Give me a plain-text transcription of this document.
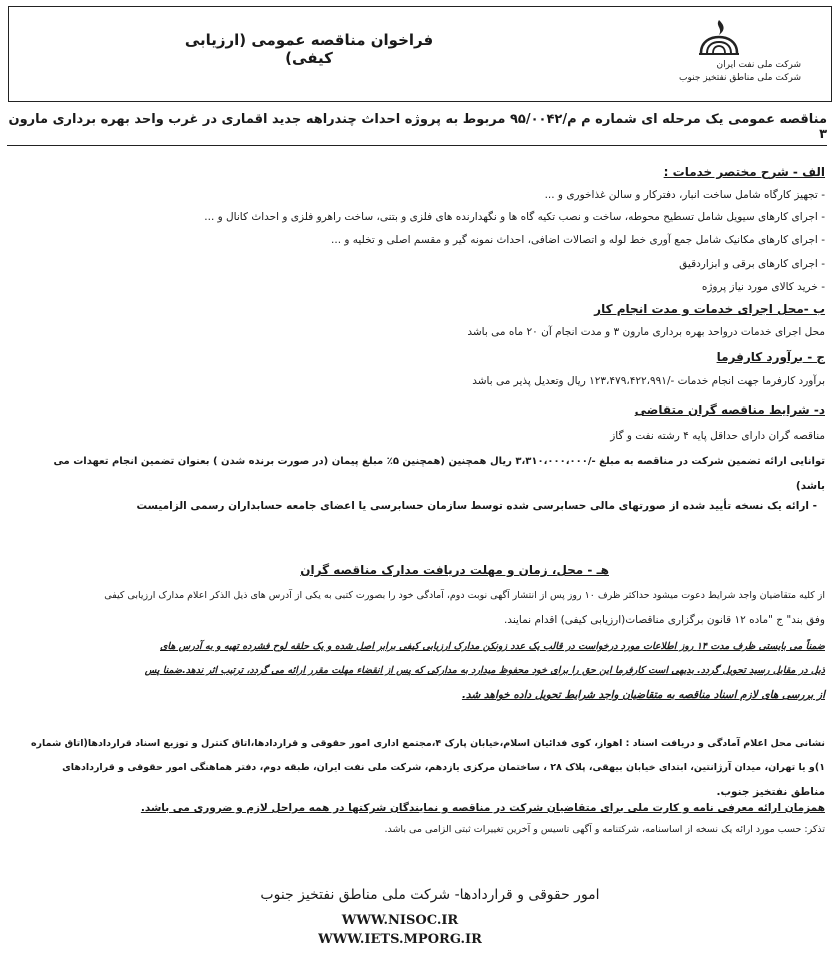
فراخوان مناقصه عمومی (ارزیابی کیفی)	شرکت ملی نفت ایران
شرکت ملی مناطق نفتخیز جنوب
مناقصه عمومی یک مرحله ای شماره م م/۹۵/۰۰۴۲ مربوط به پروژه احداث چندراهه جدید اقماری در غرب واحد بهره برداری مارون ۳
الف - شرح مختصر خدمات :
- تجهیز کارگاه شامل ساخت انبار، دفترکار و سالن غذاخوری و ...
- اجرای کارهای سیویل شامل تسطیح محوطه، ساخت و نصب تکیه گاه ها و نگهدارنده های فلزی و بتنی، ساخت راهرو فلزی و احداث کانال و ...
- اجرای کارهای مکانیک شامل جمع آوری خط لوله و اتصالات اضافی، احداث نمونه گیر و مقسم اصلی و تخلیه و ...
- اجرای کارهای برقی و ابزاردقیق
- خرید کالای مورد نیاز پروژه
ب -محل اجرای خدمات و مدت انجام کار
محل اجرای خدمات درواحد بهره برداری مارون ۳ و مدت انجام آن ۲۰ ماه می باشد
ج - برآورد کارفرما
برآورد کارفرما جهت انجام خدمات -/۱۲۳،۴۷۹،۴۲۲،۹۹۱ ریال وتعدیل پذیر می باشد
د- شرایط مناقصه گران متقاضی
مناقصه گران دارای حداقل پایه ۴ رشته نفت و گاز
توانایی ارائه تضمین شرکت در مناقصه به مبلغ -/۳،۳۱۰،۰۰۰،۰۰۰ ریال همچنین (همچنین ۵٪ مبلغ پیمان (در صورت برنده شدن ) بعنوان تضمین انجام تعهدات می
باشد)
- ارائه یک نسخه تأیید شده از صورتهای مالی حسابرسی شده توسط سازمان حسابرسی یا اعضای جامعه حسابداران رسمی الزامیست
هـ - محل، زمان و مهلت دریافت مدارک مناقصه گران
از کلیه متقاضیان واجد شرایط دعوت میشود حداکثر ظرف ۱۰ روز پس از انتشار آگهی نوبت دوم، آمادگی خود را بصورت کتبی به یکی از آدرس های ذیل الذکر اعلام مدارک ارزیابی کیفی
وفق بند" ج "ماده ۱۲ قانون برگزاری مناقصات(ارزیابی کیفی) اقدام نمایند.
ضمناً می بایستی ظرف مدت ۱۴ روز اطلاعات مورد درخواست در قالب یک عدد زونکن مدارک ارزیابی کیفی برابر اصل شده و یک حلقه لوح فشرده تهیه و به آدرس های
ذیل در مقابل رسید تحویل گردد. بدیهی است کارفرما این حق را برای خود محفوظ میدارد به مدارکی که پس از انقضاء مهلت مقرر ارائه می گردد، ترتیب اثر ندهد.ضمنا پس
از بررسی های لازم اسناد مناقصه به متقاضیان واجد شرایط تحویل داده خواهد شد.
نشانی محل اعلام آمادگی و دریافت اسناد : اهواز، کوی فدائیان اسلام،خیابان پارک ۴،مجتمع اداری امور حقوقی و قراردادها،اتاق کنترل و توزیع اسناد قراردادها(اتاق شماره
۱)و یا تهران، میدان آرژانتین، ابتدای خیابان بیهقی، پلاک ۲۸ ، ساختمان مرکزی یازدهم، شرکت ملی نفت ایران، طبقه دوم، دفتر هماهنگی امور حقوقی و قراردادهای
مناطق نفتخیز جنوب.
همزمان ارائه معرفی نامه و کارت ملی برای متقاضیان شرکت در مناقصه و نمایندگان شرکتها در همه مراحل لازم و ضروری می باشد.
تذکر: حسب مورد ارائه یک نسخه از اساسنامه، شرکتنامه و آگهی تاسیس و آخرین تغییرات ثبتی الزامی می باشد.
امور حقوقی و قراردادها- شرکت ملی مناطق نفتخیز جنوب
WWW.NISOC.IR
WWW.IETS.MPORG.IR
